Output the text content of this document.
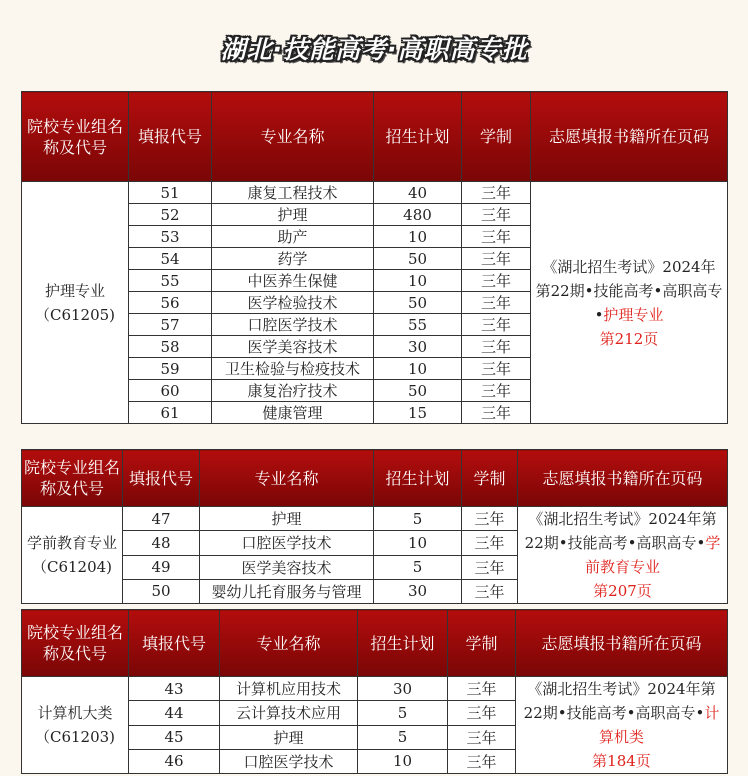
湖北·技能高考·高职高专批
院校专业组名称及代号	填报代号	专业名称	招生计划	学制	志愿填报书籍所在页码
护理专业（C61205)	51	康复工程技术	40	三年	《湖北招生考试》2024年第22期•技能高考•高职高专•护理专业
第212页
	52	护理	480	三年	
	53	助产	10	三年	
	54	药学	50	三年	
	55	中医养生保健	10	三年	
	56	医学检验技术	50	三年	
	57	口腔医学技术	55	三年	
	58	医学美容技术	30	三年	
	59	卫生检验与检疫技术	10	三年	
	60	康复治疗技术	50	三年	
	61	健康管理	15	三年	
院校专业组名称及代号	填报代号	专业名称	招生计划	学制	志愿填报书籍所在页码
学前教育专业（C61204)	47	护理	5	三年	《湖北招生考试》2024年第22期•技能高考•高职高专•学前教育专业
第207页
	48	口腔医学技术	10	三年	
	49	医学美容技术	5	三年	
	50	婴幼儿托育服务与管理	30	三年	
院校专业组名称及代号	填报代号	专业名称	招生计划	学制	志愿填报书籍所在页码
计算机大类（C61203)	43	计算机应用技术	30	三年	《湖北招生考试》2024年第22期•技能高考•高职高专•计算机类
第184页
	44	云计算技术应用	5	三年	
	45	护理	5	三年	
	46	口腔医学技术	10	三年	
